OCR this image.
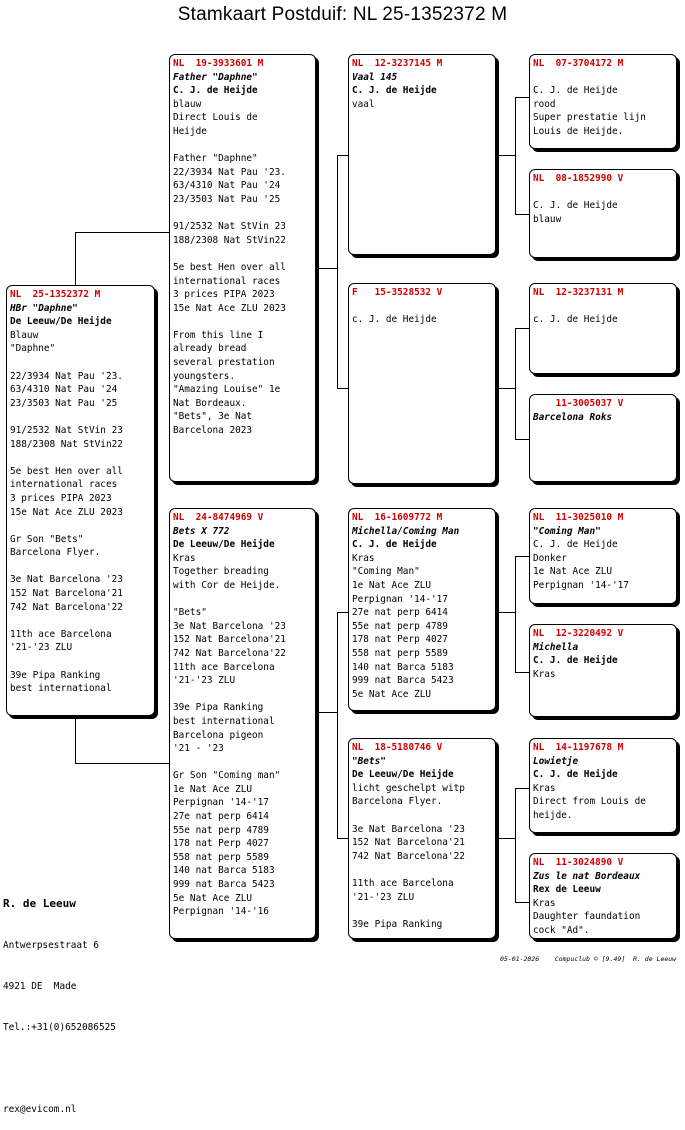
Stamkaart Postduif: NL 25-1352372 M
NL  25-1352372 M
HBr "Daphne"
De Leeuw/De Heijde
Blauw
"Daphne"
22/3934 Nat Pau '23.
63/4310 Nat Pau '24
23/3503 Nat Pau '25
91/2532 Nat StVin 23
188/2308 Nat StVin22
5e best Hen over all
international races
3 prices PIPA 2023
15e Nat Ace ZLU 2023
Gr Son "Bets"
Barcelona Flyer.
3e Nat Barcelona '23
152 Nat Barcelona'21
742 Nat Barcelona'22
11th ace Barcelona
'21-'23 ZLU
39e Pipa Ranking
best international
NL  19-3933601 M
Father "Daphne"
C. J. de Heijde
blauw
Direct Louis de
Heijde
Father "Daphne"
22/3934 Nat Pau '23.
63/4310 Nat Pau '24
23/3503 Nat Pau '25
91/2532 Nat StVin 23
188/2308 Nat StVin22
5e best Hen over all
international races
3 prices PIPA 2023
15e Nat Ace ZLU 2023
From this line I
already bread
several prestation
youngsters.
"Amazing Louise" 1e
Nat Bordeaux.
"Bets", 3e Nat
Barcelona 2023
NL  24-8474969 V
Bets X 772
De Leeuw/De Heijde
Kras
Together breading
with Cor de Heijde.
"Bets"
3e Nat Barcelona '23
152 Nat Barcelona'21
742 Nat Barcelona'22
11th ace Barcelona
'21-'23 ZLU
39e Pipa Ranking
best international
Barcelona pigeon
'21 - '23
Gr Son "Coming man"
1e Nat Ace ZLU
Perpignan '14-'17
27e nat perp 6414
55e nat perp 4789
178 nat Perp 4027
558 nat perp 5589
140 nat Barca 5183
999 nat Barca 5423
5e Nat Ace ZLU
Perpignan '14-'16
NL  12-3237145 M
Vaal 145
C. J. de Heijde
vaal
F   15-3528532 V
c. J. de Heijde
NL  16-1609772 M
Michella/Coming Man
C. J. de Heijde
Kras
"Coming Man"
1e Nat Ace ZLU
Perpignan '14-'17
27e nat perp 6414
55e nat perp 4789
178 nat Perp 4027
558 nat perp 5589
140 nat Barca 5183
999 nat Barca 5423
5e Nat Ace ZLU
NL  18-5180746 V
"Bets"
De Leeuw/De Heijde
licht geschelpt witp
Barcelona Flyer.
3e Nat Barcelona '23
152 Nat Barcelona'21
742 Nat Barcelona'22
11th ace Barcelona
'21-'23 ZLU
39e Pipa Ranking
NL  07-3704172 M
C. J. de Heijde
rood
Super prestatie lijn
Louis de Heijde.
NL  08-1852990 V
C. J. de Heijde
blauw
NL  12-3237131 M
c. J. de Heijde
11-3005037 V
Barcelona Roks
NL  11-3025010 M
"Coming Man"
C. J. de Heijde
Donker
1e Nat Ace ZLU
Perpignan '14-'17
NL  12-3220492 V
Michella
C. J. de Heijde
Kras
NL  14-1197678 M
Lowietje
C. J. de Heijde
Kras
Direct from Louis de
heijde.
NL  11-3024890 V
Zus le nat Bordeaux
Rex de Leeuw
Kras
Daughter faundation
cock "Ad".

R. de Leeuw

Antwerpsestraat 6

4921 DE  Made

Tel.:+31(0)652086525

rex@evicom.nl

05-01-2026    Compuclub © [9.49]  R. de Leeuw
